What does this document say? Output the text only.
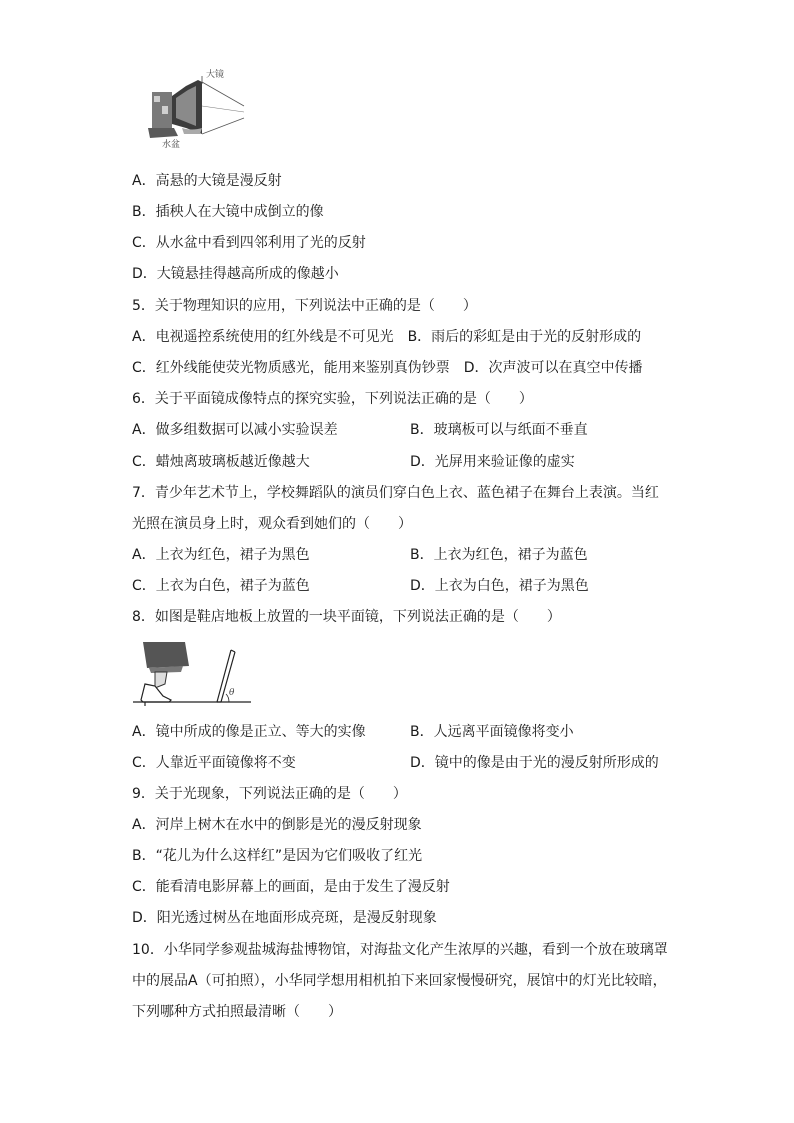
大镜
水盆
A．高悬的大镜是漫反射
B．插秧人在大镜中成倒立的像
C．从水盆中看到四邻利用了光的反射
D．大镜悬挂得越高所成的像越小
5．关于物理知识的应用，下列说法中正确的是（　　）
A．电视遥控系统使用的红外线是不可见光　B．雨后的彩虹是由于光的反射形成的
C．红外线能使荧光物质感光，能用来鉴别真伪钞票　D．次声波可以在真空中传播
6．关于平面镜成像特点的探究实验，下列说法正确的是（　　）
A．做多组数据可以减小实验误差	B．玻璃板可以与纸面不垂直
C．蜡烛离玻璃板越近像越大	D．光屏用来验证像的虚实
7．青少年艺术节上，学校舞蹈队的演员们穿白色上衣、蓝色裙子在舞台上表演。当红
光照在演员身上时，观众看到她们的（　　）
A．上衣为红色，裙子为黑色	B．上衣为红色，裙子为蓝色
C．上衣为白色，裙子为蓝色	D．上衣为白色，裙子为黑色
8．如图是鞋店地板上放置的一块平面镜，下列说法正确的是（　　）
θ
A．镜中所成的像是正立、等大的实像	B．人远离平面镜像将变小
C．人靠近平面镜像将不变	D．镜中的像是由于光的漫反射所形成的
9．关于光现象，下列说法正确的是（　　）
A．河岸上树木在水中的倒影是光的漫反射现象
B．“花儿为什么这样红”是因为它们吸收了红光
C．能看清电影屏幕上的画面，是由于发生了漫反射
D．阳光透过树丛在地面形成亮斑，是漫反射现象
10．小华同学参观盐城海盐博物馆，对海盐文化产生浓厚的兴趣，看到一个放在玻璃罩
中的展品A（可拍照），小华同学想用相机拍下来回家慢慢研究，展馆中的灯光比较暗，
下列哪种方式拍照最清晰（　　）
